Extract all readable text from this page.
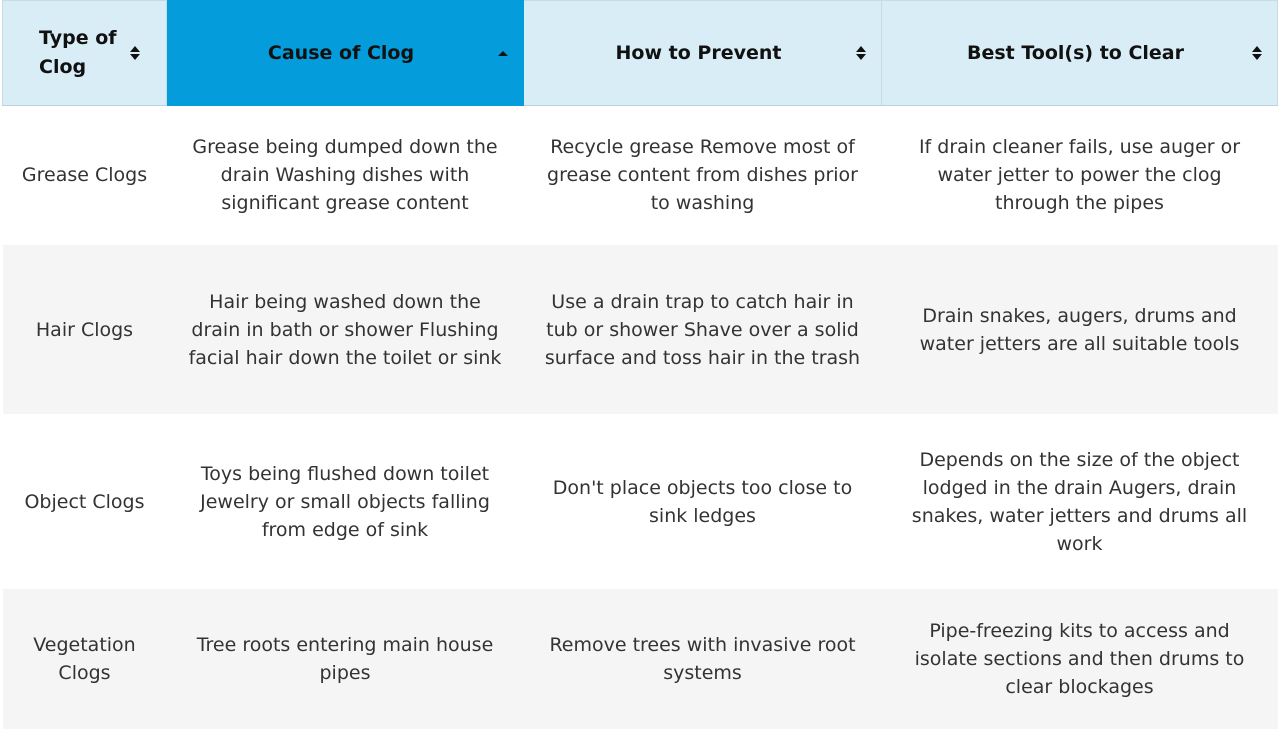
Type of Clog	Cause of Clog	How to Prevent	Best Tool(s) to Clear

Grease Clogs	Grease being dumped down the drain Washing dishes with significant grease content	Recycle grease Remove most of grease content from dishes prior to washing	If drain cleaner fails, use auger or water jetter to power the clog through the pipes
Hair Clogs	Hair being washed down the drain in bath or shower Flushing facial hair down the toilet or sink	Use a drain trap to catch hair in tub or shower Shave over a solid surface and toss hair in the trash	Drain snakes, augers, drums and water jetters are all suitable tools
Object Clogs	Toys being flushed down toilet Jewelry or small objects falling from edge of sink	Don't place objects too close to sink ledges	Depends on the size of the object lodged in the drain Augers, drain snakes, water jetters and drums all work
Vegetation Clogs	Tree roots entering main house pipes	Remove trees with invasive root systems	Pipe-freezing kits to access and isolate sections and then drums to clear blockages
